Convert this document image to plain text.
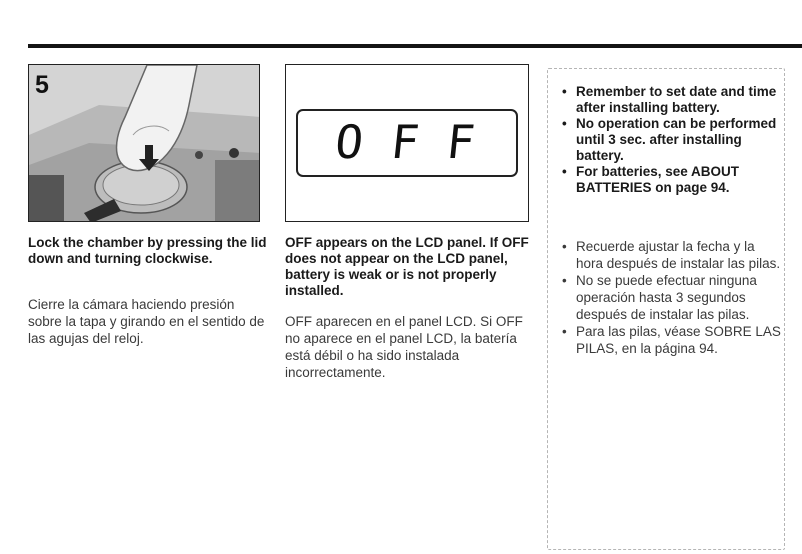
5

Lock the chamber by pressing the lid down and turning clockwise.

Cierre la cámara haciendo presión sobre la tapa y girando en el sentido de las agujas del reloj.

OFF

OFF appears on the LCD panel. If OFF does not appear on the LCD panel, battery is weak or is not properly installed.

OFF aparecen en el panel LCD. Si OFF no aparece en el panel LCD, la batería está débil o ha sido instalada incorrectamente.

• Remember to set date and time after installing battery.
• No operation can be performed until 3 sec. after installing battery.
• For batteries, see ABOUT BATTERIES on page 94.
• Recuerde ajustar la fecha y la hora después de instalar las pilas.
• No se puede efectuar ninguna operación hasta 3 segundos después de instalar las pilas.
• Para las pilas, véase SOBRE LAS PILAS, en la página 94.
